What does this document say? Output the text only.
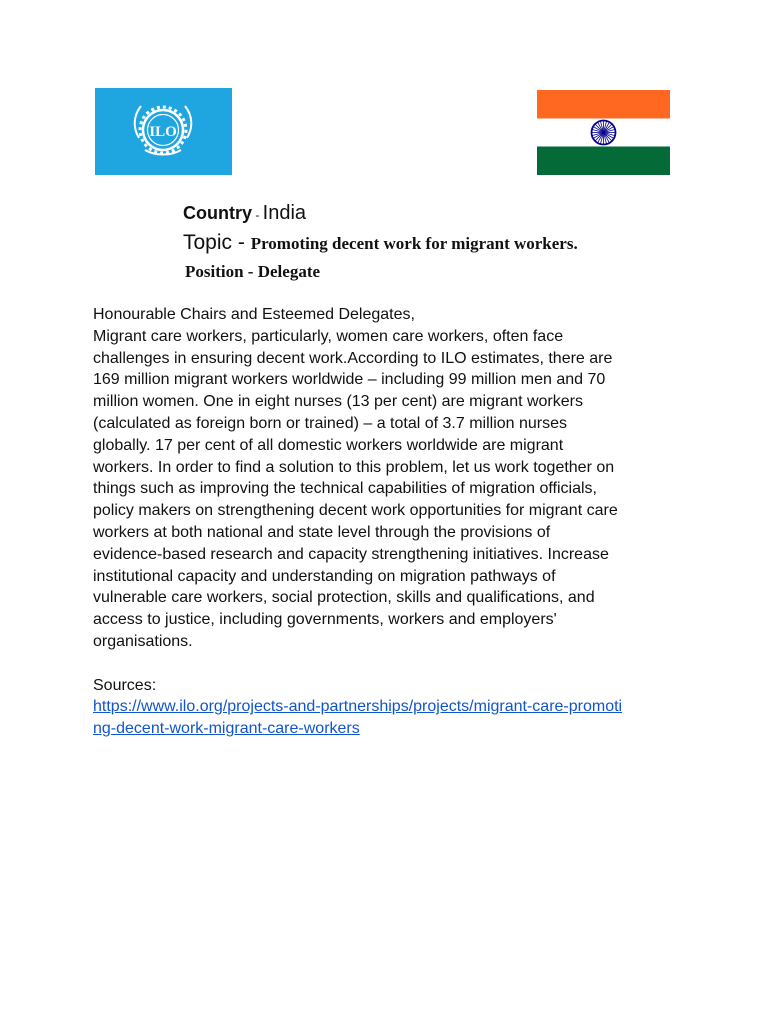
ILO
Country - India
Topic - Promoting decent work for migrant workers.
Position - Delegate
Honourable Chairs and Esteemed Delegates,
Migrant care workers, particularly, women care workers, often face
challenges in ensuring decent work.According to ILO estimates, there are
169 million migrant workers worldwide – including 99 million men and 70
million women. One in eight nurses (13 per cent) are migrant workers
(calculated as foreign born or trained) – a total of 3.7 million nurses
globally. 17 per cent of all domestic workers worldwide are migrant
workers. In order to find a solution to this problem, let us work together on
things such as improving the technical capabilities of migration officials,
policy makers on strengthening decent work opportunities for migrant care
workers at both national and state level through the provisions of
evidence-based research and capacity strengthening initiatives. Increase
institutional capacity and understanding on migration pathways of
vulnerable care workers, social protection, skills and qualifications, and
access to justice, including governments, workers and employers'
organisations.
Sources:
https://www.ilo.org/projects-and-partnerships/projects/migrant-care-promoti
ng-decent-work-migrant-care-workers
